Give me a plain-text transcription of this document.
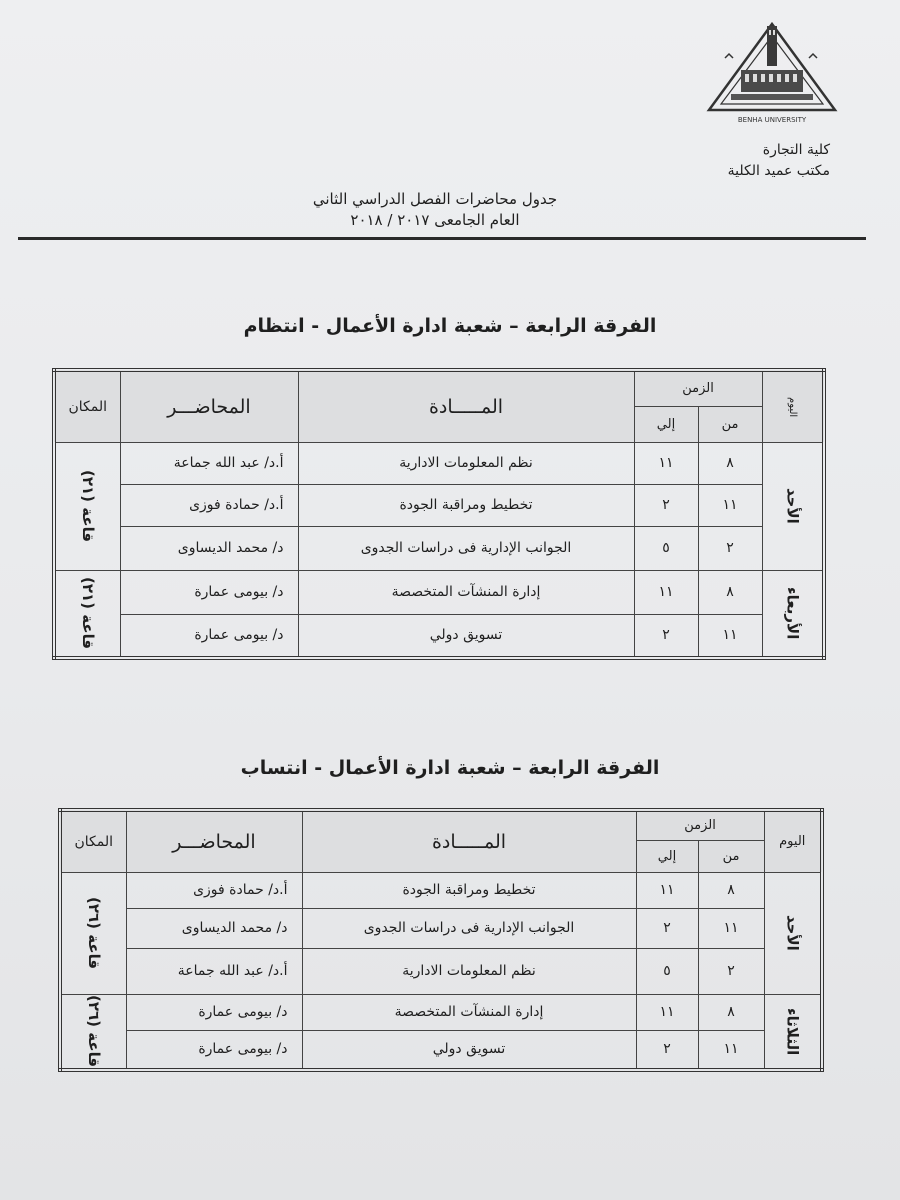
BENHA UNIVERSITY
كلية التجارة
مكتب عميد الكلية
جدول محاضرات الفصل الدراسي الثاني
العام الجامعى ٢٠١٧ / ٢٠١٨
الفرقة الرابعة – شعبة ادارة الأعمال - انتظام
المكان	المحاضـــر	المـــــادة	الزمن		اليوم

			إلي	من	

قاعة (٢١)	أ.د/ عبد الله جماعة	نظم المعلومات الادارية	١١	٨	الأحد

	أ.د/ حمادة فوزى	تخطيط ومراقبة الجودة	٢	١١	
	د/ محمد الديساوى	الجوانب الإدارية فى دراسات الجدوى	٥	٢	

قاعة (٢١)	د/ بيومى عمارة	إدارة المنشآت المتخصصة	١١	٨	الأربعاء

	د/ بيومى عمارة	تسويق دولي	٢	١١	
الفرقة الرابعة – شعبة ادارة الأعمال - انتساب
المكان	المحاضـــر	المـــــادة	الزمن		اليوم
			إلي	من	

قاعة (٢٦)	أ.د/ حمادة فوزى	تخطيط ومراقبة الجودة	١١	٨	الأحد

	د/ محمد الديساوى	الجوانب الإدارية فى دراسات الجدوى	٢	١١	
	أ.د/ عبد الله جماعة	نظم المعلومات الادارية	٥	٢	

قاعة (٢٦)	د/ بيومى عمارة	إدارة المنشآت المتخصصة	١١	٨	الثلاثاء

	د/ بيومى عمارة	تسويق دولي	٢	١١	
